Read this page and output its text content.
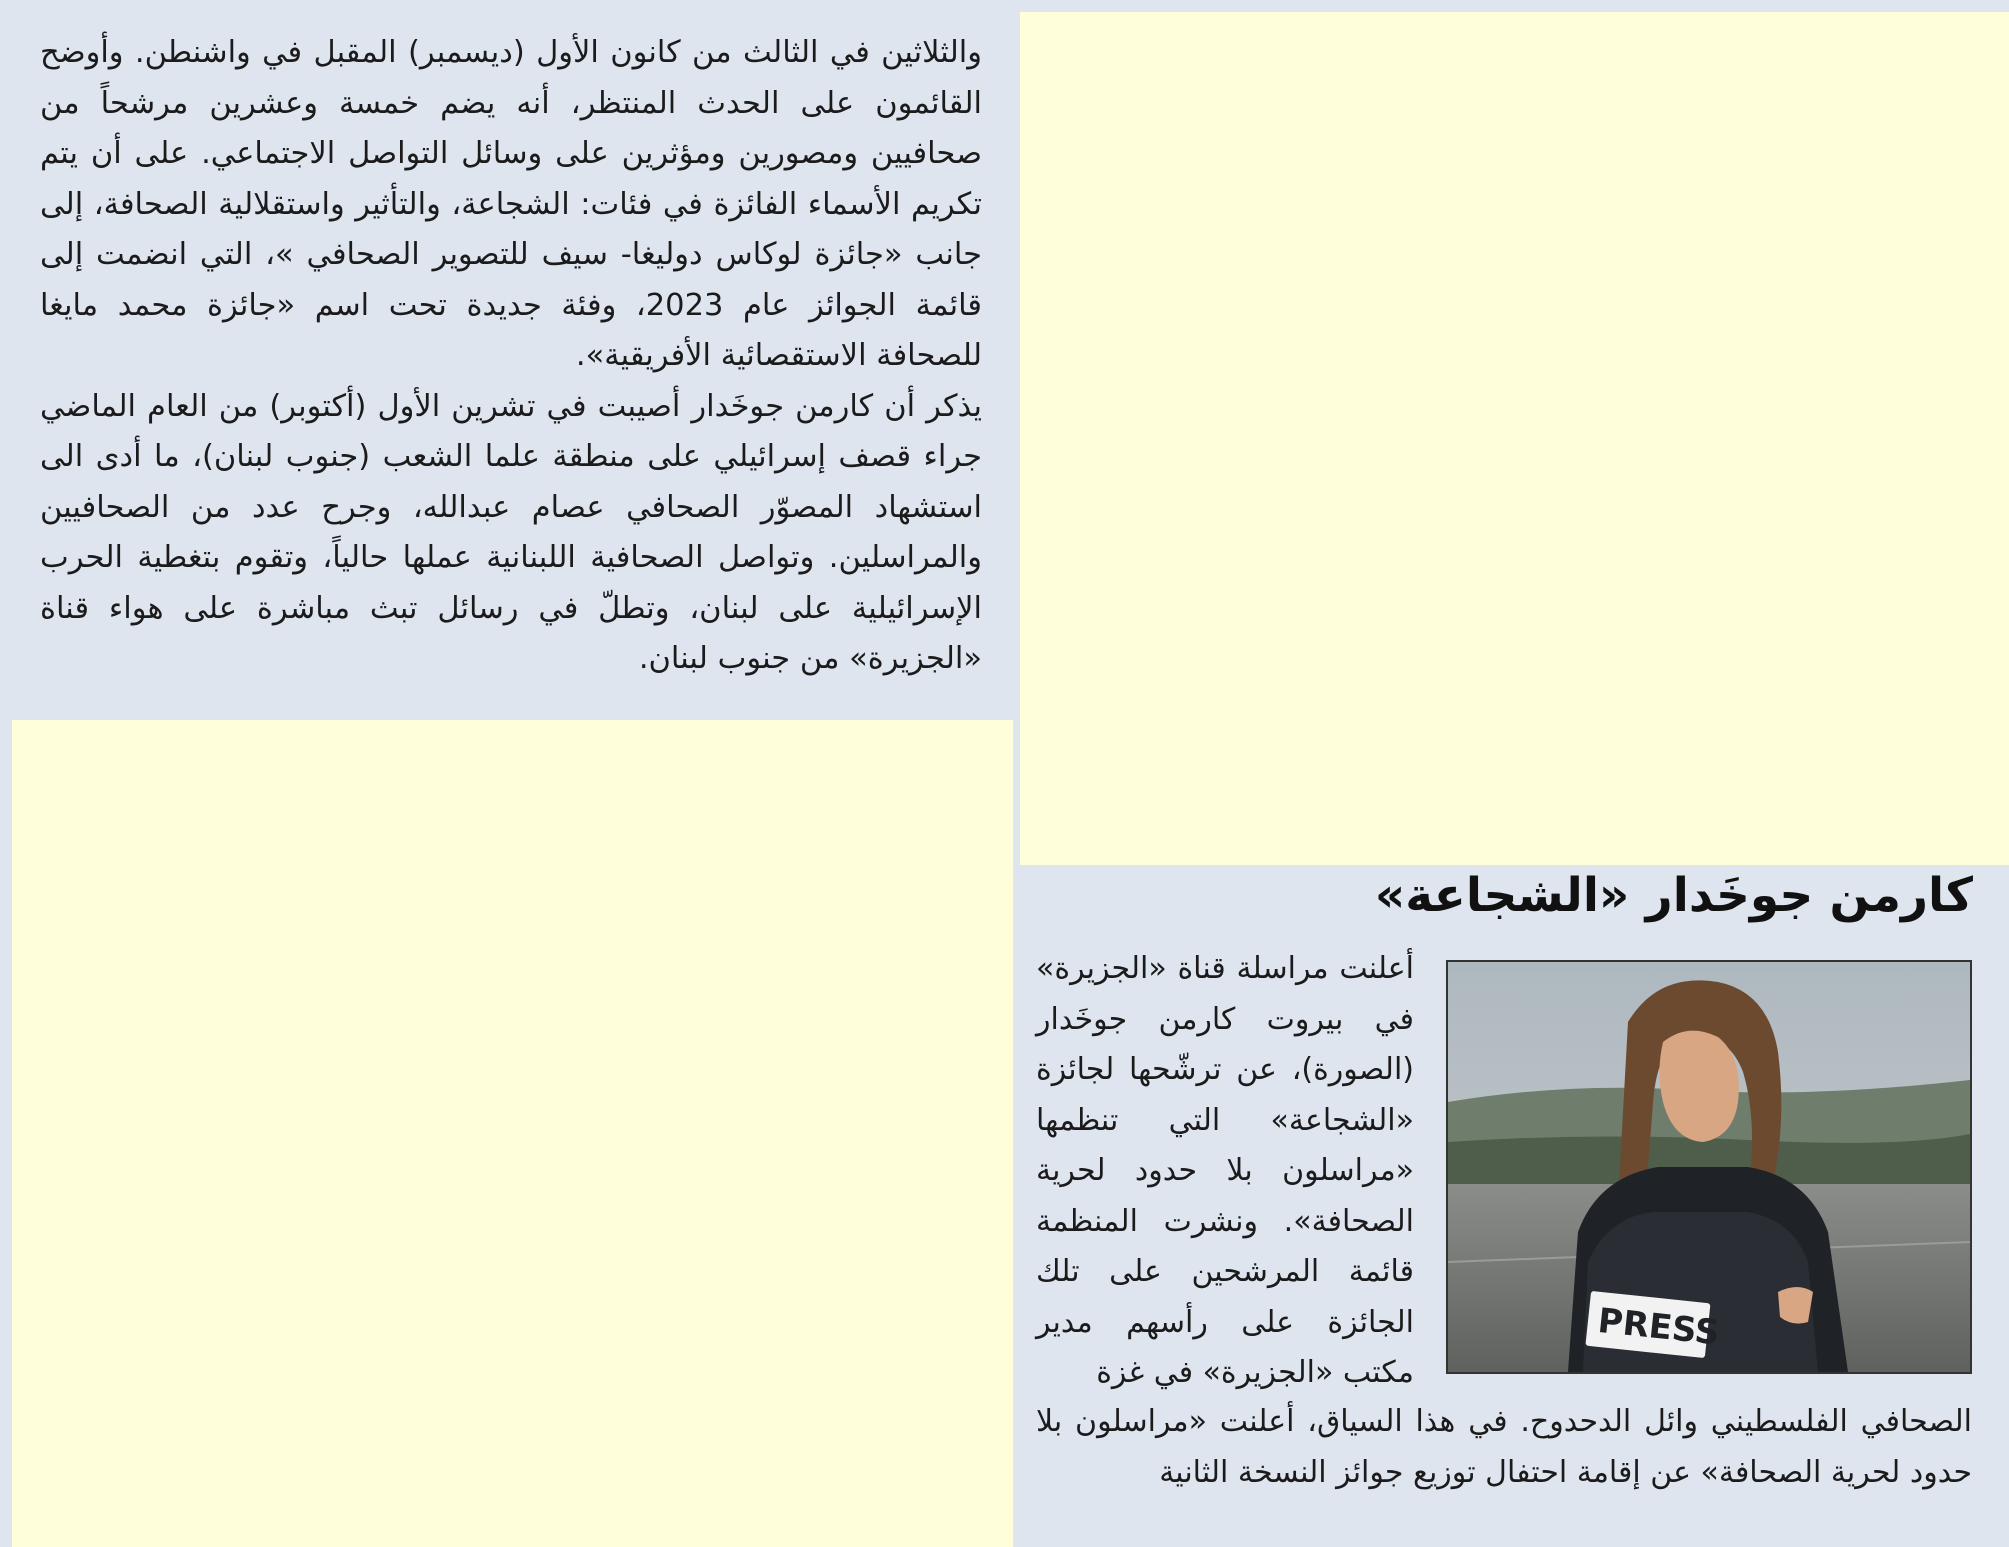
والثلاثين في الثالث من كانون الأول (ديسمبر) المقبل في واشنطن. وأوضح القائمون على الحدث المنتظر، أنه يضم خمسة وعشرين مرشحاً من صحافيين ومصورين ومؤثرين على وسائل التواصل الاجتماعي. على أن يتم تكريم الأسماء الفائزة في فئات: الشجاعة، والتأثير واستقلالية الصحافة، إلى جانب «جائزة لوكاس دوليغا- سيف للتصوير الصحافي »، التي انضمت إلى قائمة الجوائز عام 2023، وفئة جديدة تحت اسم «جائزة محمد مايغا للصحافة الاستقصائية الأفريقية».

يذكر أن كارمن جوخَدار أصيبت في تشرين الأول (أكتوبر) من العام الماضي جراء قصف إسرائيلي على منطقة علما الشعب (جنوب لبنان)، ما أدى الى استشهاد المصوّر الصحافي عصام عبدالله، وجرح عدد من الصحافيين والمراسلين. وتواصل الصحافية اللبنانية عملها حالياً، وتقوم بتغطية الحرب الإسرائيلية على لبنان، وتطلّ في رسائل تبث مباشرة على هواء قناة «الجزيرة» من جنوب لبنان.

كارمن جوخَدار «الشجاعة»
PRESS
أعلنت مراسلة قناة «الجزيرة» في بيروت كارمن جوخَدار (الصورة)، عن ترشّحها لجائزة «الشجاعة» التي تنظمها «مراسلون بلا حدود لحرية الصحافة». ونشرت المنظمة قائمة المرشحين على تلك الجائزة على رأسهم مدير مكتب «الجزيرة» في غزة
الصحافي الفلسطيني وائل الدحدوح. في هذا السياق، أعلنت «مراسلون بلا حدود لحرية الصحافة» عن إقامة احتفال توزيع جوائز النسخة الثانية
